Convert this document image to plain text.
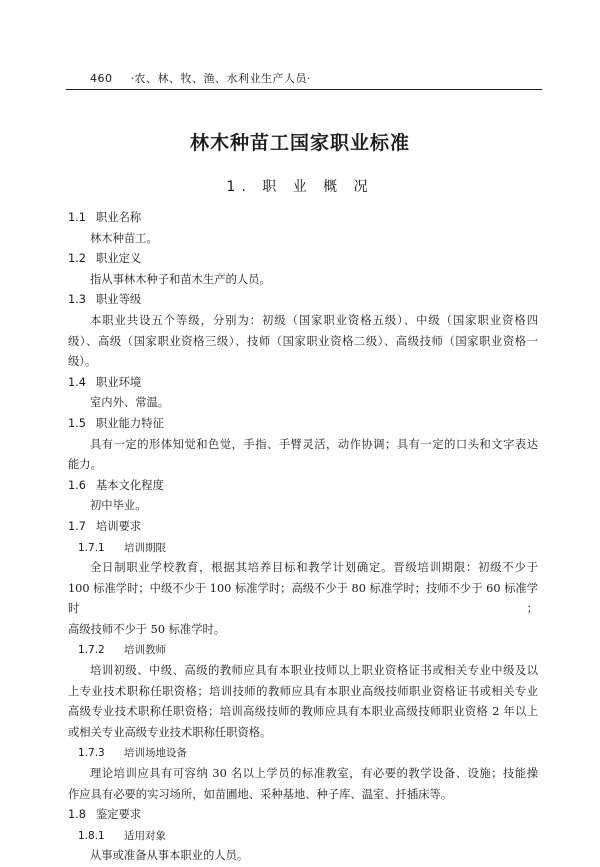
460 ·农、林、牧、渔、水利业生产人员·
林木种苗工国家职业标准
1. 职 业 概 况
1.1 职业名称
林木种苗工。
1.2 职业定义
指从事林木种子和苗木生产的人员。
1.3 职业等级
本职业共设五个等级，分别为：初级（国家职业资格五级）、中级（国家职业资格四
级）、高级（国家职业资格三级）、技师（国家职业资格二级）、高级技师（国家职业资格一
级）。
1.4 职业环境
室内外、常温。
1.5 职业能力特征
具有一定的形体知觉和色觉，手指、手臂灵活，动作协调；具有一定的口头和文字表达
能力。
1.6 基本文化程度
初中毕业。
1.7 培训要求
1.7.1 培训期限
全日制职业学校教育，根据其培养目标和教学计划确定。晋级培训期限：初级不少于
100 标准学时；中级不少于 100 标准学时；高级不少于 80 标准学时；技师不少于 60 标准学时；
高级技师不少于 50 标准学时。
1.7.2 培训教师
培训初级、中级、高级的教师应具有本职业技师以上职业资格证书或相关专业中级及以
上专业技术职称任职资格；培训技师的教师应具有本职业高级技师职业资格证书或相关专业
高级专业技术职称任职资格；培训高级技师的教师应具有本职业高级技师职业资格 2 年以上
或相关专业高级专业技术职称任职资格。
1.7.3 培训场地设备
理论培训应具有可容纳 30 名以上学员的标准教室，有必要的教学设备、设施；技能操
作应具有必要的实习场所，如苗圃地、采种基地、种子库、温室、扦插床等。
1.8 鉴定要求
1.8.1 适用对象
从事或准备从事本职业的人员。
